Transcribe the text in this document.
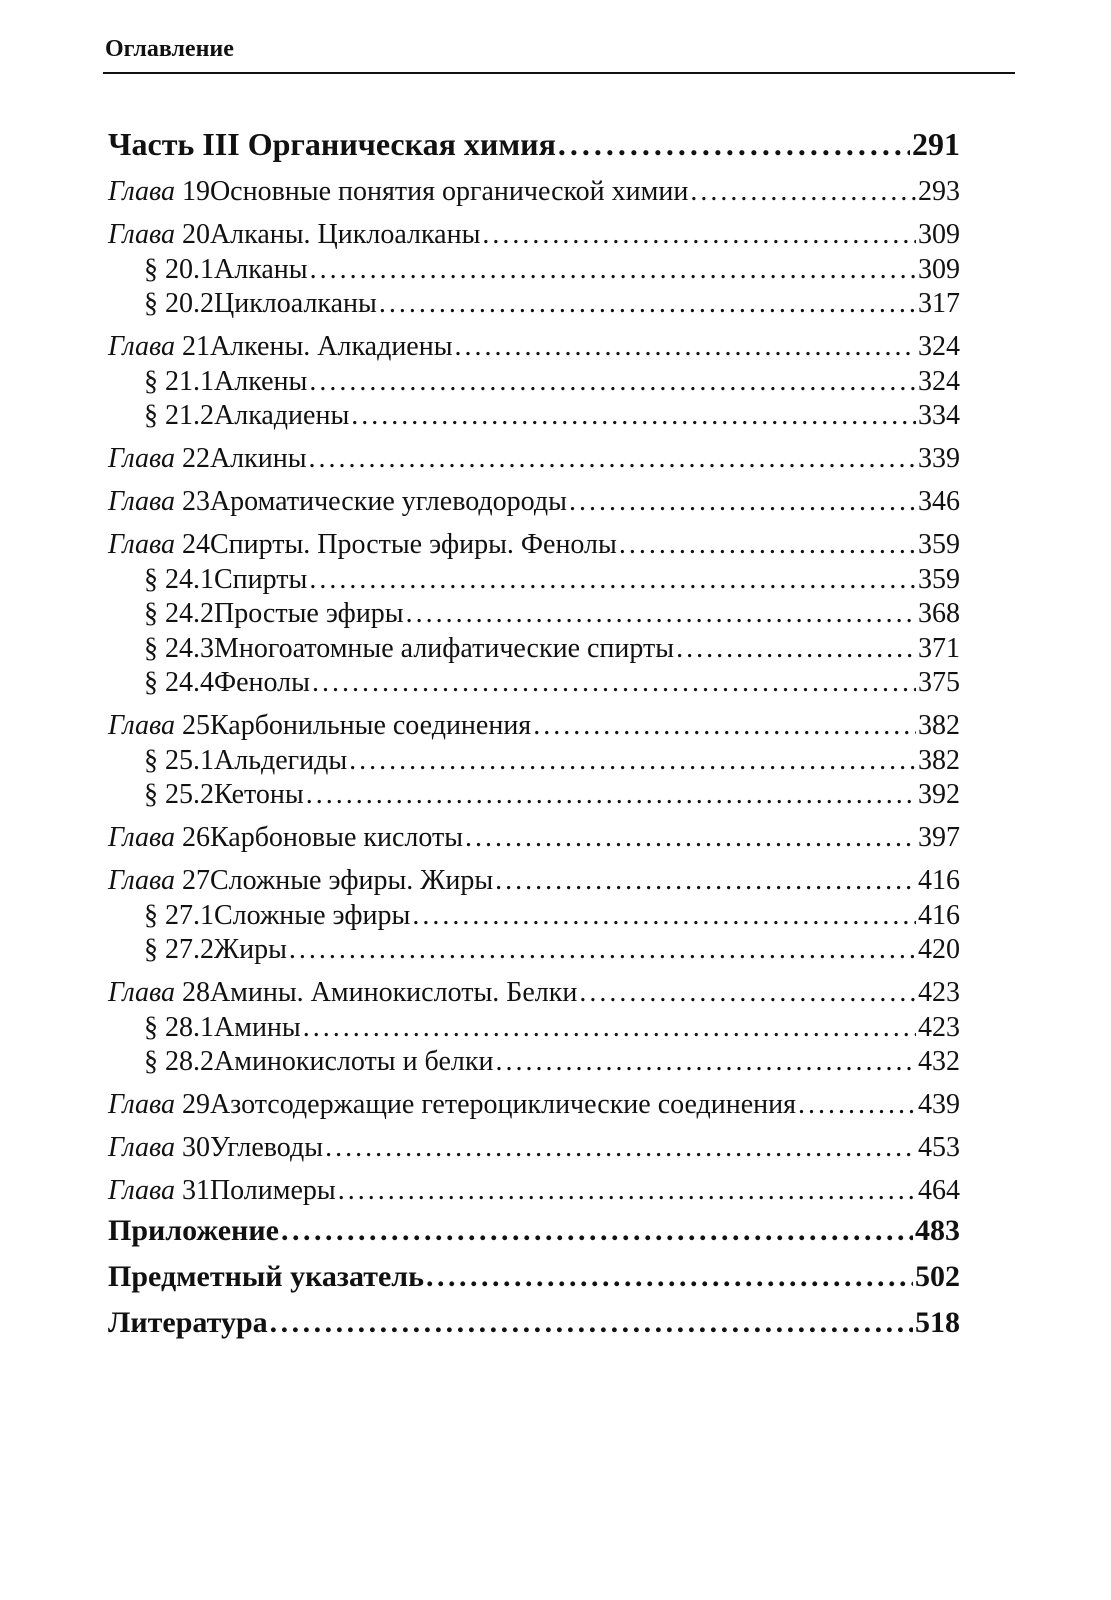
Оглавление
Часть III Органическая химия . . .	291
Глава 19 Основные понятия органической химии . . .	293
Глава 20 Алканы. Циклоалканы . . .	309
§ 20.1 Алканы . . .	309
§ 20.2 Циклоалканы . . .	317
Глава 21 Алкены. Алкадиены . . .	324
§ 21.1 Алкены . . .	324
§ 21.2 Алкадиены . . .	334
Глава 22 Алкины . . .	339
Глава 23 Ароматические углеводороды . . .	346
Глава 24 Спирты. Простые эфиры. Фенолы . . .	359
§ 24.1 Спирты . . .	359
§ 24.2 Простые эфиры . . .	368
§ 24.3 Многоатомные алифатические спирты . . .	371
§ 24.4 Фенолы . . .	375
Глава 25 Карбонильные соединения . . .	382
§ 25.1 Альдегиды . . .	382
§ 25.2 Кетоны . . .	392
Глава 26 Карбоновые кислоты . . .	397
Глава 27 Сложные эфиры. Жиры . . .	416
§ 27.1 Сложные эфиры . . .	416
§ 27.2 Жиры . . .	420
Глава 28 Амины. Аминокислоты. Белки . . .	423
§ 28.1 Амины . . .	423
§ 28.2 Аминокислоты и белки . . .	432
Глава 29 Азотсодержащие гетероциклические соединения . . .	439
Глава 30 Углеводы . . .	453
Глава 31 Полимеры . . .	464
Приложение . . .	483
Предметный указатель . . .	502
Литература . . .	518
